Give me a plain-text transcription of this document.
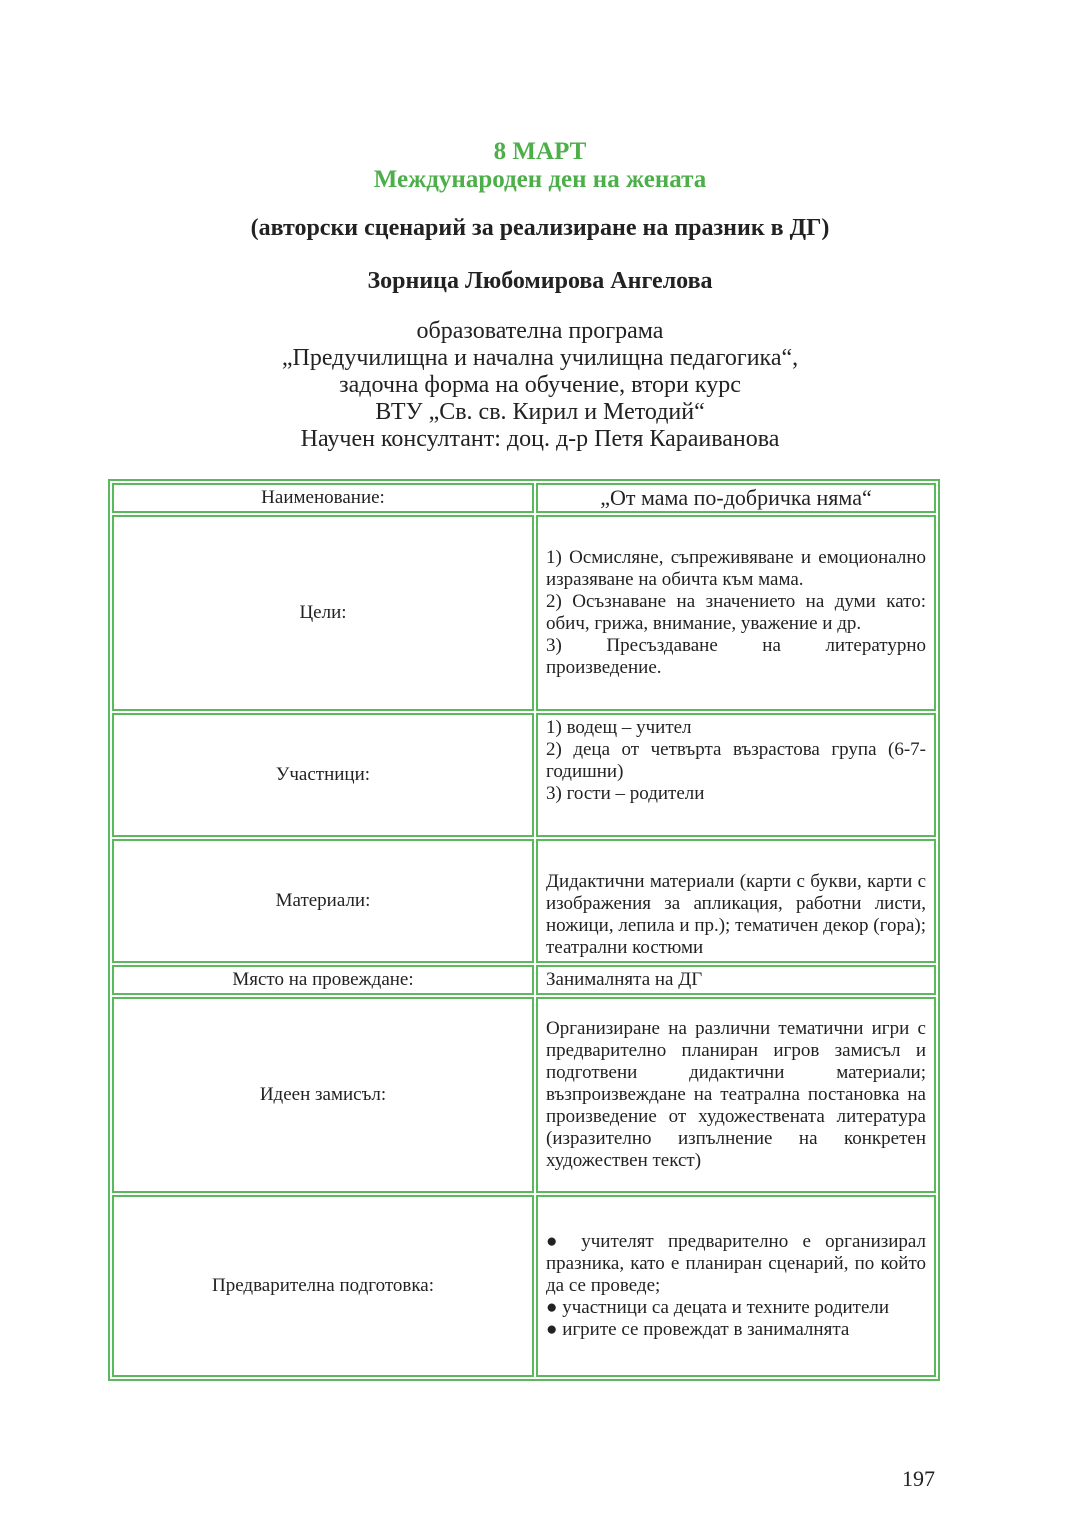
8 МАРТ
Международен ден на жената
(авторски сценарий за реализиране на празник в ДГ)
Зорница Любомирова Ангелова
образователна програма
„Предучилищна и начална училищна педагогика“,
задочна форма на обучение, втори курс
ВТУ „Св. св. Кирил и Методий“
Научен консултант: доц. д-р Петя Караиванова
Наименование:	„От мама по-добричка няма“
Цели:	1) Осмисляне, съпреживяване и емоционално изразяване на обичта към мама.
2) Осъзнаване на значението на думи като: обич, грижа, внимание, уважение и др.
3) Пресъздаване на литературно произведение.

Участници:	1) водещ – учител
2) деца от четвърта възрастова група (6-7-годишни)
3) гости – родители

Материали:	Дидактични материали (карти с букви, карти с изображения за апликация, работни листи, ножици, лепила и пр.); тематичен декор (гора); театрални костюми
Място на провеждане:	Занималнята на ДГ
Идеен замисъл:	Организиране на различни тематични игри с предварително планиран игров замисъл и подготвени дидактични материали; възпроизвеждане на театрална постановка на произведение от художествената литература (изразително изпълнение на конкретен художествен текст)
Предварителна подготовка:	● учителят предварително е организирал празника, като е планиран сценарий, по който да се проведе;
● участници са децата и техните родители
● игрите се провеждат в занималнята
197
